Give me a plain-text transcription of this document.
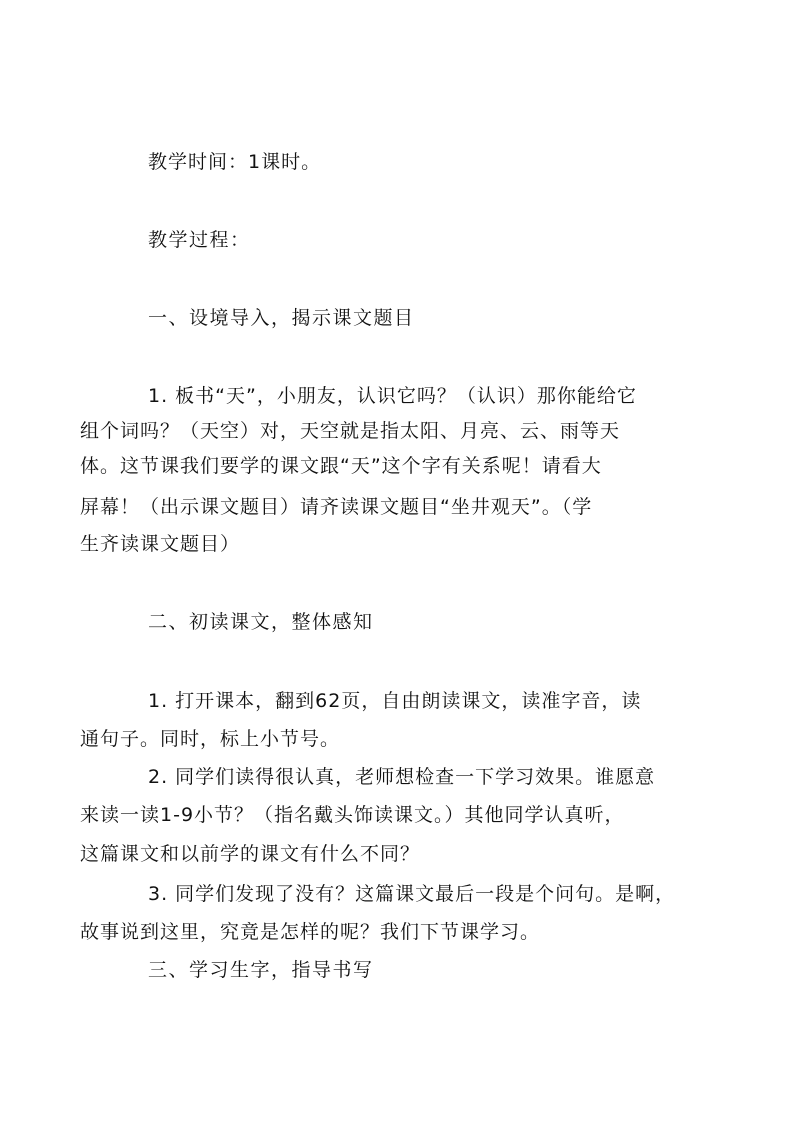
教学时间：1课时。
教学过程：
一、设境导入，揭示课文题目
1. 板书“天”，小朋友，认识它吗？（认识）那你能给它
组个词吗？（天空）对，天空就是指太阳、月亮、云、雨等天
体。这节课我们要学的课文跟“天”这个字有关系呢！请看大
屏幕！（出示课文题目）请齐读课文题目“坐井观天”。（学
生齐读课文题目）
二、初读课文，整体感知
1. 打开课本，翻到62页，自由朗读课文，读准字音，读
通句子。同时，标上小节号。
2. 同学们读得很认真，老师想检查一下学习效果。谁愿意
来读一读1-9小节？（指名戴头饰读课文。）其他同学认真听，
这篇课文和以前学的课文有什么不同？
3. 同学们发现了没有？这篇课文最后一段是个问句。是啊，
故事说到这里，究竟是怎样的呢？我们下节课学习。
三、学习生字，指导书写
